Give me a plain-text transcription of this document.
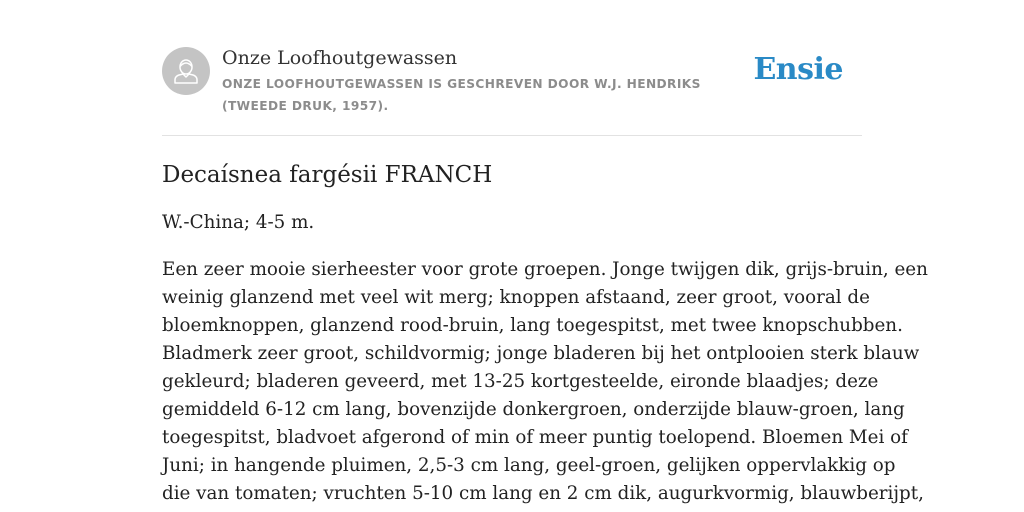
Onze Loofhoutgewassen
ONZE LOOFHOUTGEWASSEN IS GESCHREVEN DOOR W.J. HENDRIKS (TWEEDE DRUK, 1957).
Ensie
Decaísnea fargésii FRANCH

W.-China; 4-5 m.

Een zeer mooie sierheester voor grote groepen. Jonge twijgen dik, grijs-bruin, een
weinig glanzend met veel wit merg; knoppen afstaand, zeer groot, vooral de
bloemknoppen, glanzend rood-bruin, lang toegespitst, met twee knopschubben.
Bladmerk zeer groot, schildvormig; jonge bladeren bij het ontplooien sterk blauw
gekleurd; bladeren geveerd, met 13-25 kortgesteelde, eironde blaadjes; deze
gemiddeld 6-12 cm lang, bovenzijde donkergroen, onderzijde blauw-groen, lang
toegespitst, bladvoet afgerond of min of meer puntig toelopend. Bloemen Mei of
Juni; in hangende pluimen, 2,5-3 cm lang, geel-groen, gelijken oppervlakkig op
die van tomaten; vruchten 5-10 cm lang en 2 cm dik, augurkvormig, blauwberijpt,
